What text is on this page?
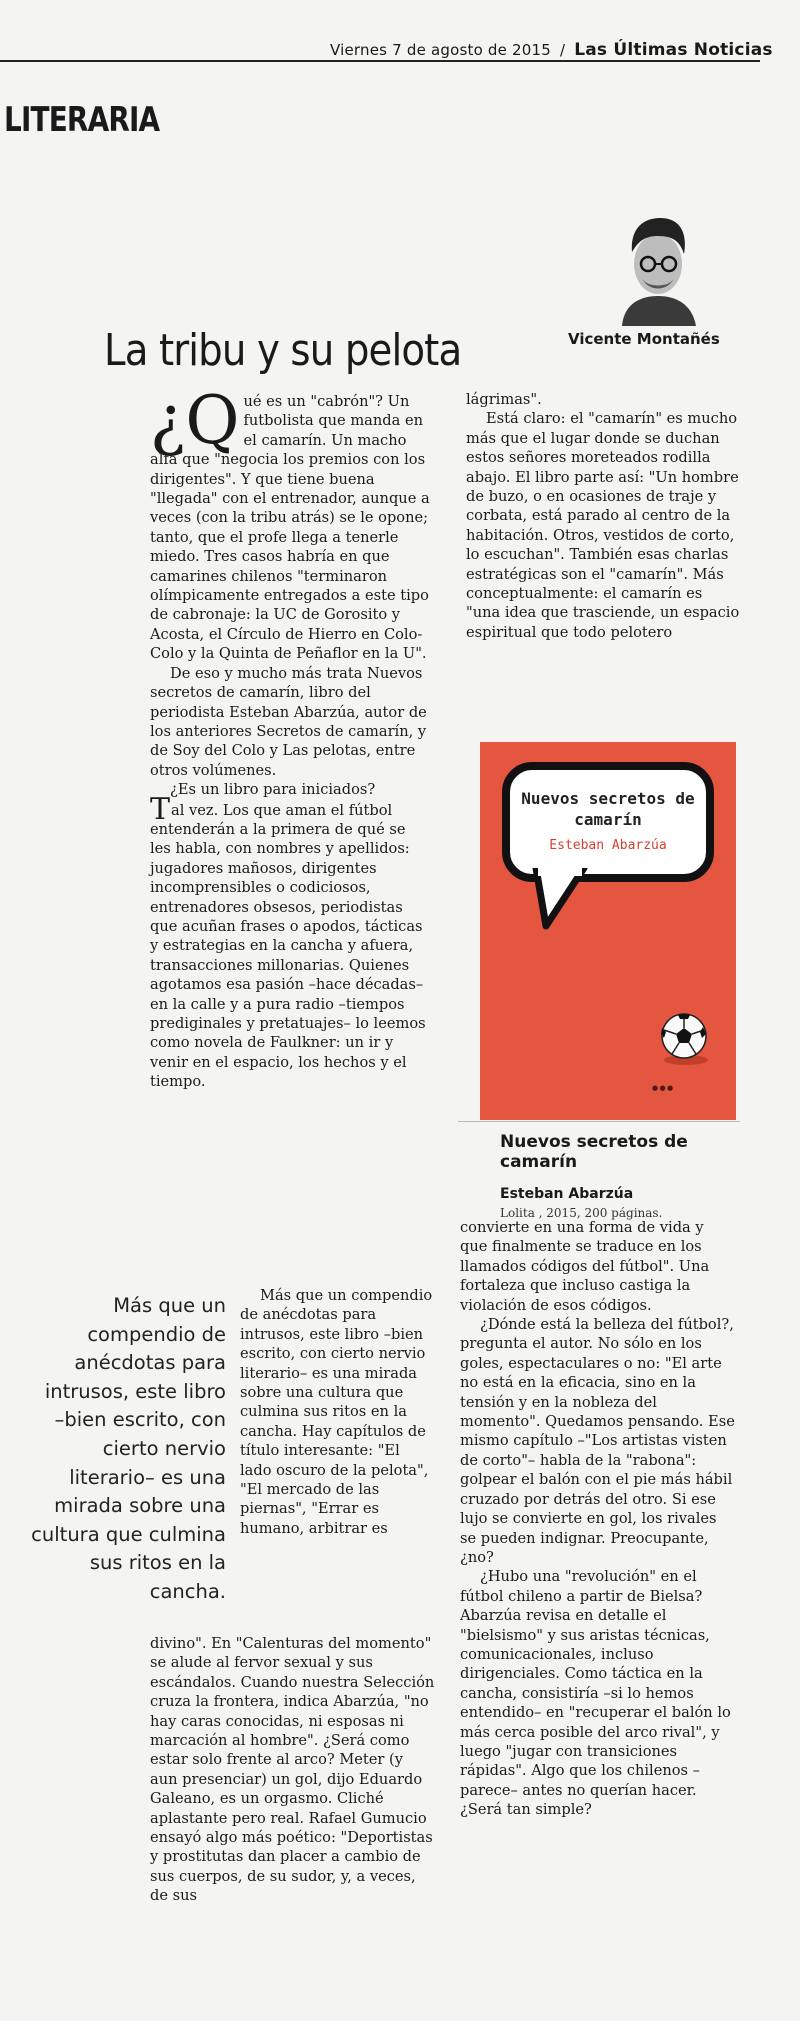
Viernes 7 de agosto de 2015 / Las Últimas Noticias
LITERARIA
La tribu y su pelota	Vicente Montañés

¿Q ué es un "cabrón"? Un futbolista que manda en el camarín. Un macho alfa que "negocia los premios con los dirigentes". Y que tiene buena "llegada" con el entrenador, aunque a veces (con la tribu atrás) se le opone; tanto, que el profe llega a tenerle miedo. Tres casos habría en que camarines chilenos "terminaron olímpicamente entregados a este tipo de cabronaje: la UC de Gorosito y Acosta, el Círculo de Hierro en Colo-Colo y la Quinta de Peñaflor en la U".

De eso y mucho más trata Nuevos secretos de camarín, libro del periodista Esteban Abarzúa, autor de los anteriores Secretos de camarín, y de Soy del Colo y Las pelotas, entre otros volúmenes.

¿Es un libro para iniciados?

Tal vez. Los que aman el fútbol entenderán a la primera de qué se les habla, con nombres y apellidos: jugadores mañosos, dirigentes incomprensibles o codiciosos, entrenadores obsesos, periodistas que acuñan frases o apodos, tácticas y estrategias en la cancha y afuera, transacciones millonarias. Quienes agotamos esa pasión –hace décadas– en la calle y a pura radio –tiempos prediginales y pretatuajes– lo leemos como novela de Faulkner: un ir y venir en el espacio, los hechos y el tiempo.

Más que un compendio de anécdotas para intrusos, este libro –bien escrito, con cierto nervio literario– es una mirada sobre una cultura que culmina sus ritos en la cancha.

Más que un compendio de anécdotas para intrusos, este libro –bien escrito, con cierto nervio literario– es una mirada sobre una cultura que culmina sus ritos en la cancha. Hay capítulos de título interesante: "El lado oscuro de la pelota", "El mercado de las piernas", "Errar es humano, arbitrar es

divino". En "Calenturas del momento" se alude al fervor sexual y sus escándalos. Cuando nuestra Selección cruza la frontera, indica Abarzúa, "no hay caras conocidas, ni esposas ni marcación al hombre". ¿Será como estar solo frente al arco? Meter (y aun presenciar) un gol, dijo Eduardo Galeano, es un orgasmo. Cliché aplastante pero real. Rafael Gumucio ensayó algo más poético: "Deportistas y prostitutas dan placer a cambio de sus cuerpos, de su sudor, y, a veces, de sus

lágrimas".

Está claro: el "camarín" es mucho más que el lugar donde se duchan estos señores moreteados rodilla abajo. El libro parte así: "Un hombre de buzo, o en ocasiones de traje y corbata, está parado al centro de la habitación. Otros, vestidos de corto, lo escuchan". También esas charlas estratégicas son el "camarín". Más conceptualmente: el camarín es "una idea que trasciende, un espacio espiritual que todo pelotero

Nuevos secretos de camarín
Esteban Abarzúa
● ● ●
Nuevos secretos de camarín
Esteban Abarzúa
Lolita , 2015, 200 páginas.

convierte en una forma de vida y que finalmente se traduce en los llamados códigos del fútbol". Una fortaleza que incluso castiga la violación de esos códigos.

¿Dónde está la belleza del fútbol?, pregunta el autor. No sólo en los goles, espectaculares o no: "El arte no está en la eficacia, sino en la tensión y en la nobleza del momento". Quedamos pensando. Ese mismo capítulo –"Los artistas visten de corto"– habla de la "rabona": golpear el balón con el pie más hábil cruzado por detrás del otro. Si ese lujo se convierte en gol, los rivales se pueden indignar. Preocupante, ¿no?

¿Hubo una "revolución" en el fútbol chileno a partir de Bielsa? Abarzúa revisa en detalle el "bielsismo" y sus aristas técnicas, comunicacionales, incluso dirigenciales. Como táctica en la cancha, consistiría –si lo hemos entendido– en "recuperar el balón lo más cerca posible del arco rival", y luego "jugar con transiciones rápidas". Algo que los chilenos –parece– antes no querían hacer. ¿Será tan simple?
